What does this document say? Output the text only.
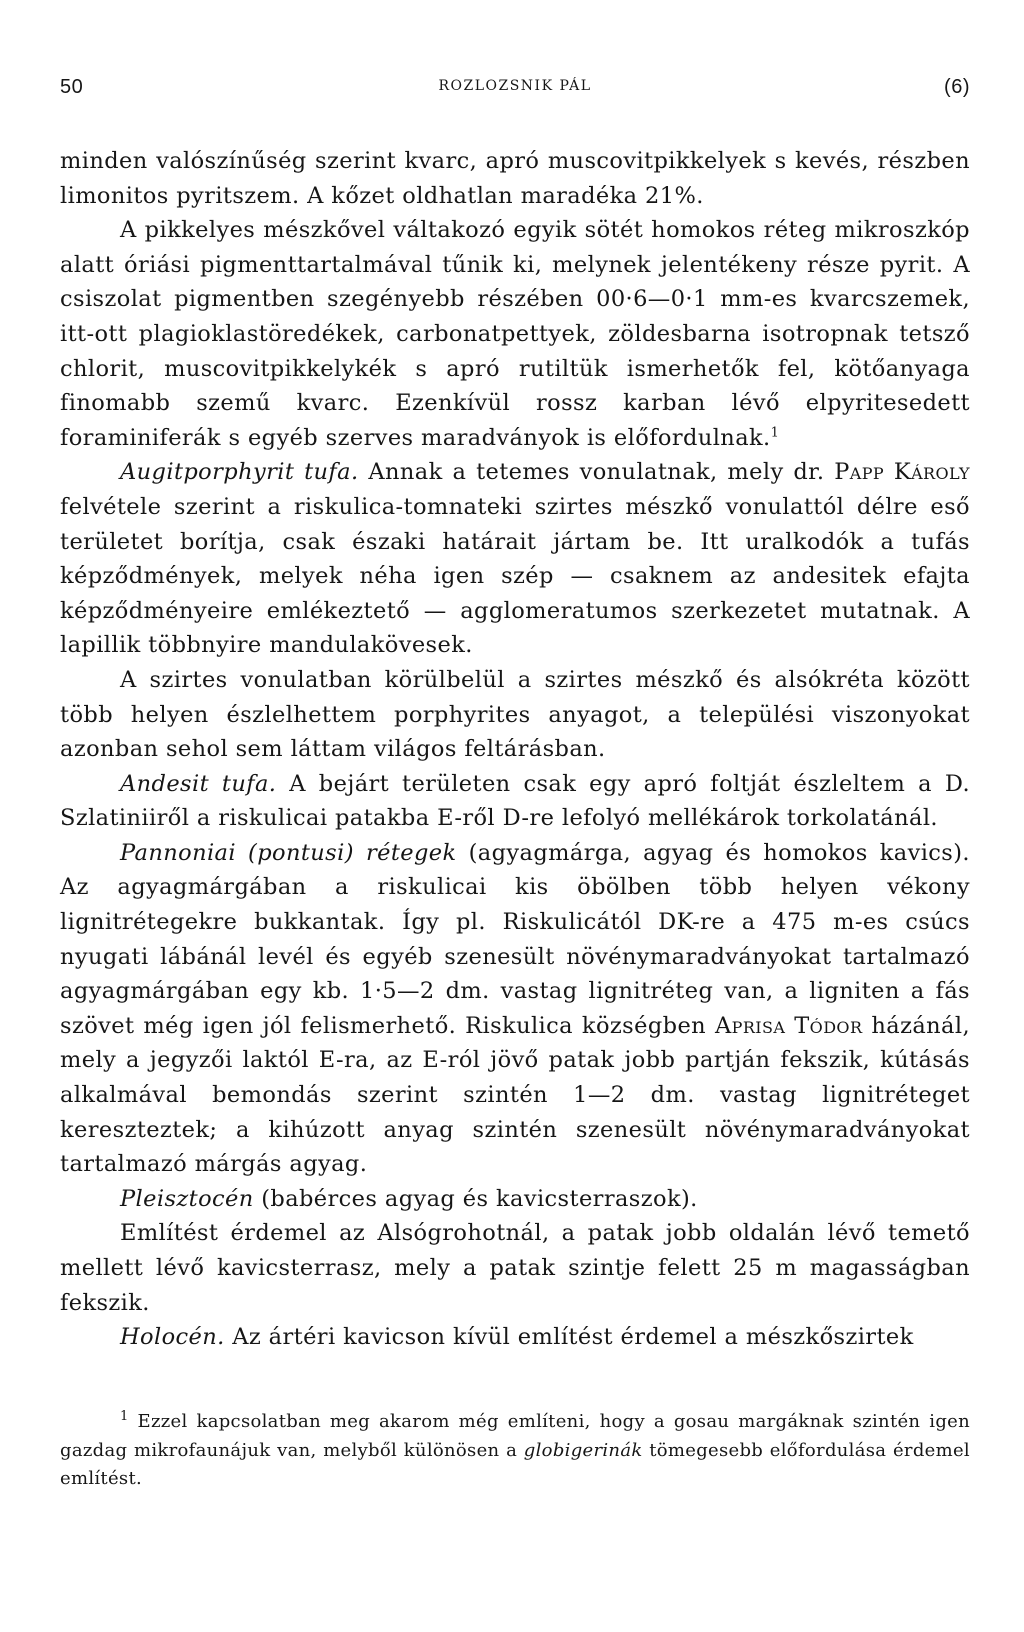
50	ROZLOZSNIK PÁL	(6)

minden valószínűség szerint kvarc, apró muscovitpikkelyek s kevés, részben limonitos pyritszem. A kőzet oldhatlan maradéka 21%.

A pikkelyes mészkővel váltakozó egyik sötét homokos réteg mikroszkóp alatt óriási pigmenttartalmával tűnik ki, melynek jelentékeny része pyrit. A csiszolat pigmentben szegényebb részében 00·6—0·1 mm-es kvarcszemek, itt-ott plagioklastöredékek, carbonatpettyek, zöldesbarna isotropnak tetsző chlorit, muscovitpikkelykék s apró rutiltük ismerhetők fel, kötőanyaga finomabb szemű kvarc. Ezenkívül rossz karban lévő elpyritesedett foraminiferák s egyéb szerves maradványok is előfordulnak.$^1$

Augitporphyrit tufa. Annak a tetemes vonulatnak, mely dr. Papp Károly felvétele szerint a riskulica-tomnateki szirtes mészkő vonulattól délre eső területet borítja, csak északi határait jártam be. Itt uralkodók a tufás képződmények, melyek néha igen szép — csaknem az andesitek efajta képződményeire emlékeztető — agglomeratumos szerkezetet mutatnak. A lapillik többnyire mandulakövesek.

A szirtes vonulatban körülbelül a szirtes mészkő és alsókréta között több helyen észlelhettem porphyrites anyagot, a települési viszonyokat azonban sehol sem láttam világos feltárásban.

Andesit tufa. A bejárt területen csak egy apró foltját észleltem a D. Szlatiniiről a riskulicai patakba E-ről D-re lefolyó mellékárok torkolatánál.

Pannoniai (pontusi) rétegek (agyagmárga, agyag és homokos kavics). Az agyagmárgában a riskulicai kis öbölben több helyen vékony lignitrétegekre bukkantak. Így pl. Riskulicától DK-re a 475 m-es csúcs nyugati lábánál levél és egyéb szenesült növénymaradványokat tartalmazó agyagmárgában egy kb. 1·5—2 dm. vastag lignitréteg van, a ligniten a fás szövet még igen jól felismerhető. Riskulica községben Aprisa Tódor házánál, mely a jegyzői laktól E-ra, az E-ról jövő patak jobb partján fekszik, kútásás alkalmával bemondás szerint szintén 1—2 dm. vastag lignitréteget kereszteztek; a kihúzott anyag szintén szenesült növénymaradványokat tartalmazó márgás agyag.

Pleisztocén (babérces agyag és kavicsterraszok).

Említést érdemel az Alsógrohotnál, a patak jobb oldalán lévő temető mellett lévő kavicsterrasz, mely a patak szintje felett 25 m magasságban fekszik.

Holocén. Az ártéri kavicson kívül említést érdemel a mészkőszirtek

$^1$ Ezzel kapcsolatban meg akarom még említeni, hogy a gosau margáknak szintén igen gazdag mikrofaunájuk van, melyből különösen a globigerinák tömegesebb előfordulása érdemel említést.
